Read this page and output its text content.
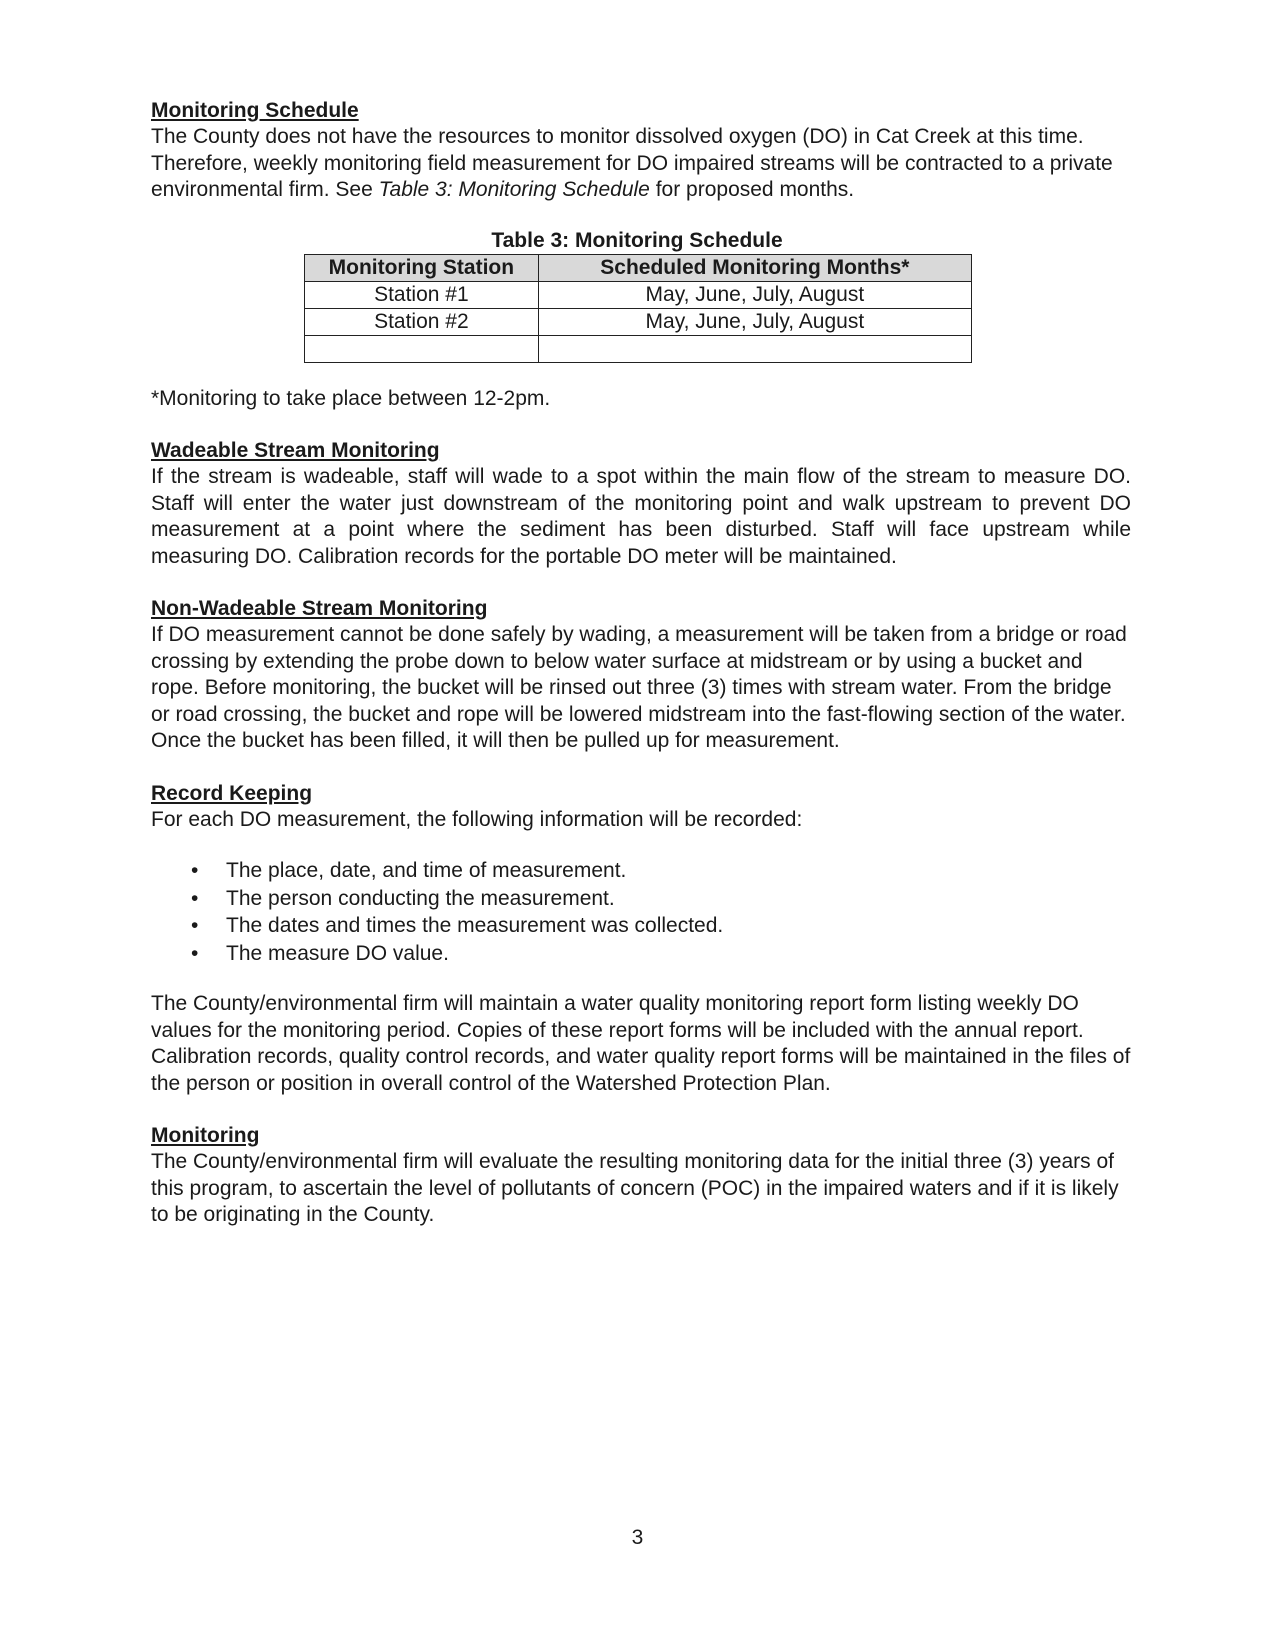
Monitoring Schedule

The County does not have the resources to monitor dissolved oxygen (DO) in Cat Creek at this time. Therefore, weekly monitoring field measurement for DO impaired streams will be contracted to a private environmental firm. See Table 3: Monitoring Schedule for proposed months.

Table 3: Monitoring Schedule

Monitoring Station	Scheduled Monitoring Months*
Station #1	May, June, July, August
Station #2	May, June, July, August

*Monitoring to take place between 12-2pm.

Wadeable Stream Monitoring

If the stream is wadeable, staff will wade to a spot within the main flow of the stream to measure DO. Staff will enter the water just downstream of the monitoring point and walk upstream to prevent DO measurement at a point where the sediment has been disturbed. Staff will face upstream while measuring DO. Calibration records for the portable DO meter will be maintained.

Non-Wadeable Stream Monitoring

If DO measurement cannot be done safely by wading, a measurement will be taken from a bridge or road crossing by extending the probe down to below water surface at midstream or by using a bucket and rope. Before monitoring, the bucket will be rinsed out three (3) times with stream water. From the bridge or road crossing, the bucket and rope will be lowered midstream into the fast-flowing section of the water. Once the bucket has been filled, it will then be pulled up for measurement.

Record Keeping

For each DO measurement, the following information will be recorded:

• The place, date, and time of measurement.
• The person conducting the measurement.
• The dates and times the measurement was collected.
• The measure DO value.

The County/environmental firm will maintain a water quality monitoring report form listing weekly DO values for the monitoring period. Copies of these report forms will be included with the annual report. Calibration records, quality control records, and water quality report forms will be maintained in the files of the person or position in overall control of the Watershed Protection Plan.

Monitoring

The County/environmental firm will evaluate the resulting monitoring data for the initial three (3) years of this program, to ascertain the level of pollutants of concern (POC) in the impaired waters and if it is likely to be originating in the County.

3
